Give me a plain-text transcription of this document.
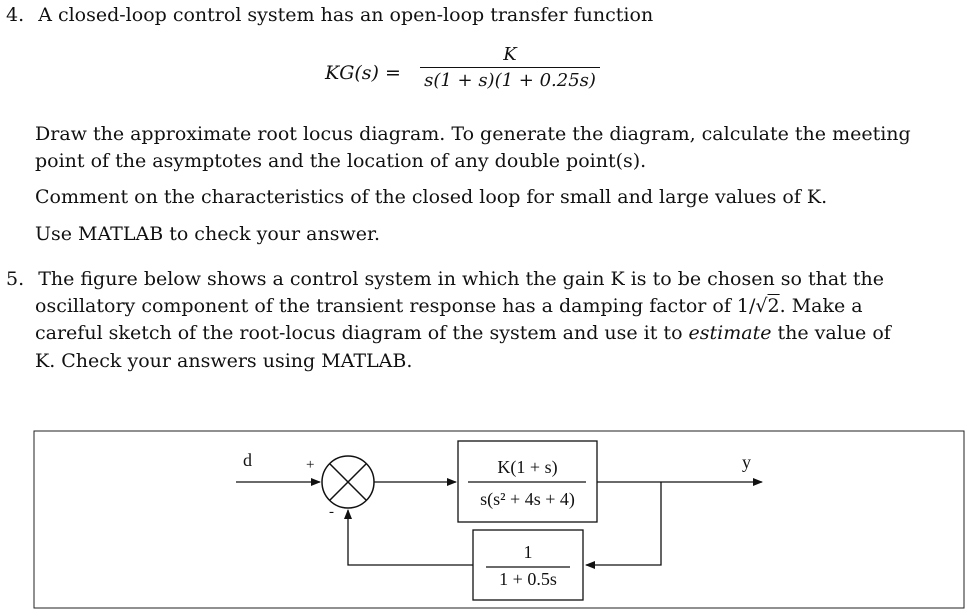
4. A closed-loop control system has an open-loop transfer function
KG(s) =
K
s(1 + s)(1 + 0.25s)
Draw the approximate root locus diagram. To generate the diagram, calculate the meeting
point of the asymptotes and the location of any double point(s).
Comment on the characteristics of the closed loop for small and large values of K.
Use MATLAB to check your answer.
5. The figure below shows a control system in which the gain K is to be chosen so that the
oscillatory component of the transient response has a damping factor of 1/√2. Make a
careful sketch of the root-locus diagram of the system and use it to estimate the value of
K. Check your answers using MATLAB.
d	+
-
y
K(1 + s)
s(s² + 4s + 4)
1
1 + 0.5s
